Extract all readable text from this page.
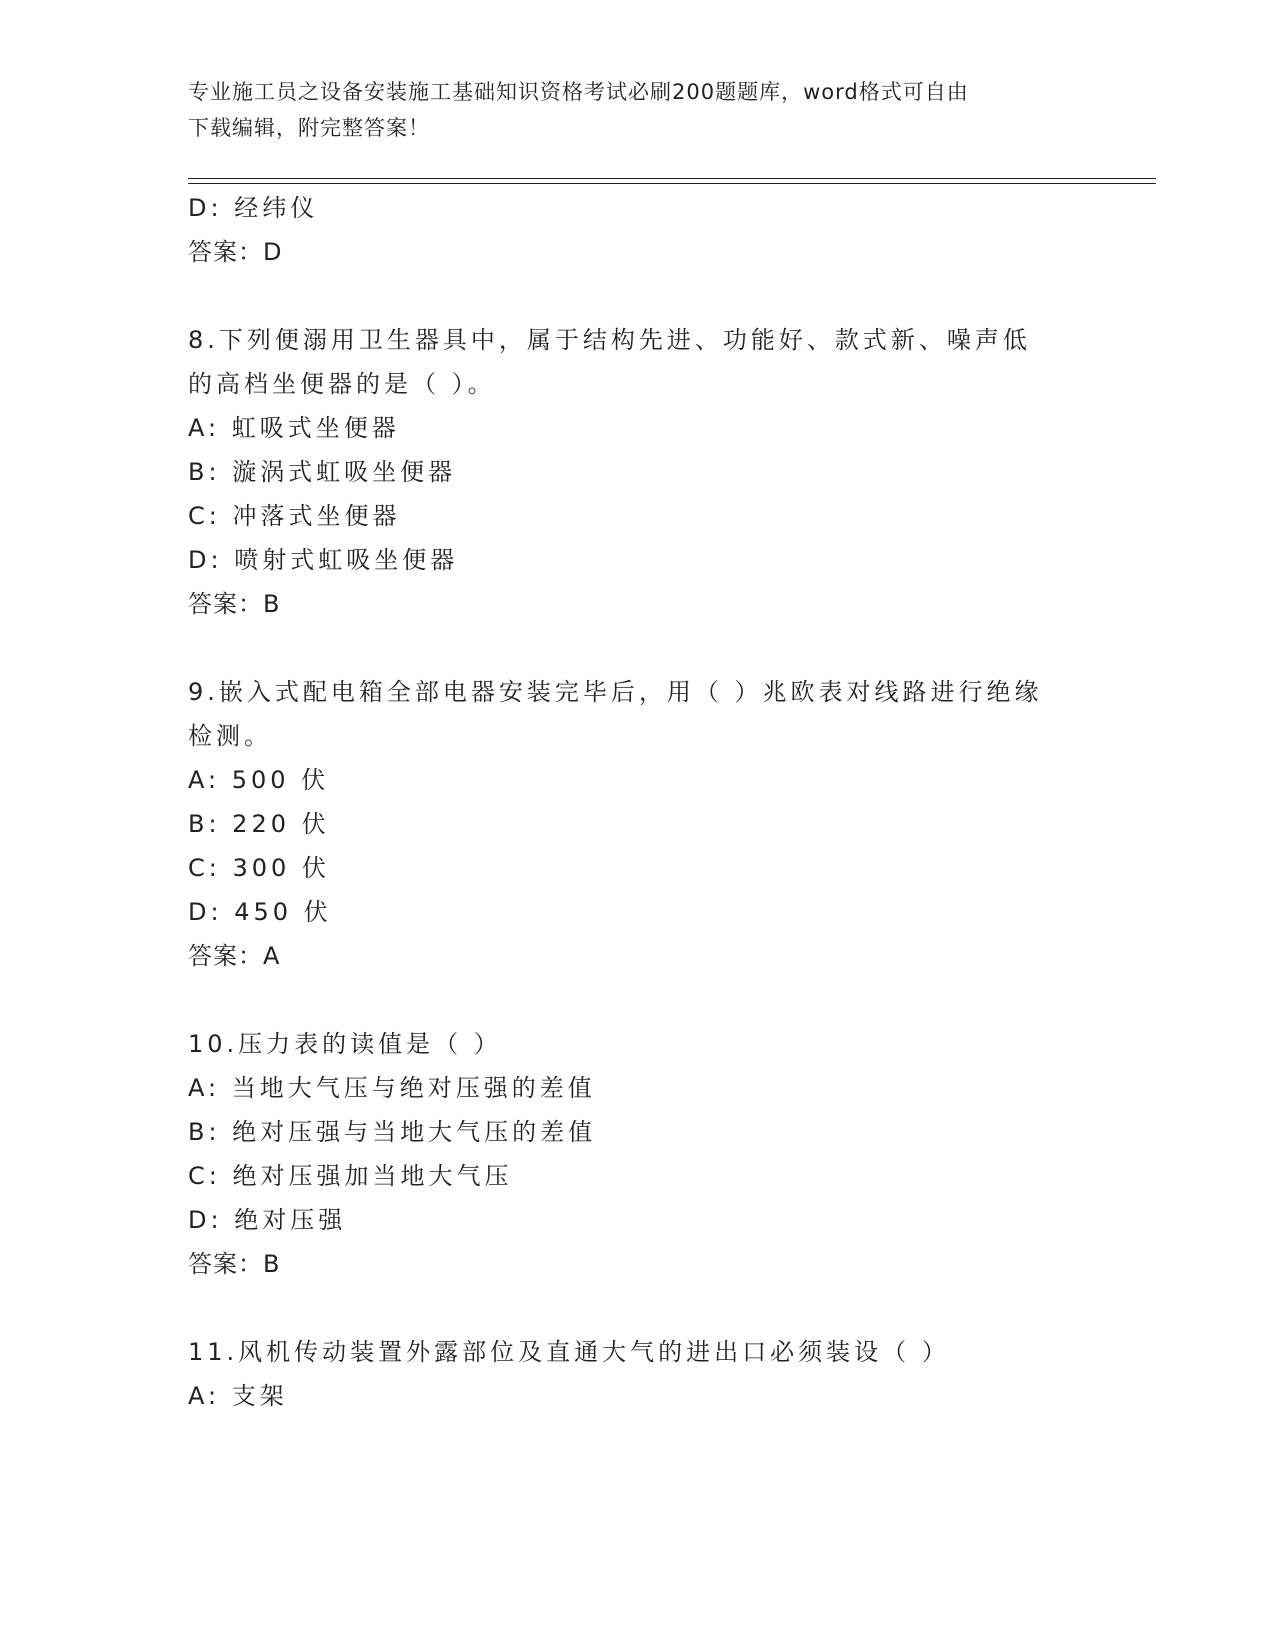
专业施工员之设备安装施工基础知识资格考试必刷200题题库，word格式可自由
下载编辑，附完整答案！
D: 经纬仪
答案：D
8.下列便溺用卫生器具中，属于结构先进、功能好、款式新、噪声低
的高档坐便器的是（ ）。
A: 虹吸式坐便器
B: 漩涡式虹吸坐便器
C: 冲落式坐便器
D: 喷射式虹吸坐便器
答案：B
9.嵌入式配电箱全部电器安装完毕后，用（ ）兆欧表对线路进行绝缘
检测。
A: 500 伏
B: 220 伏
C: 300 伏
D: 450 伏
答案：A
10.压力表的读值是（ ）
A: 当地大气压与绝对压强的差值
B: 绝对压强与当地大气压的差值
C: 绝对压强加当地大气压
D: 绝对压强
答案：B
11.风机传动装置外露部位及直通大气的进出口必须装设（ ）
A: 支架
